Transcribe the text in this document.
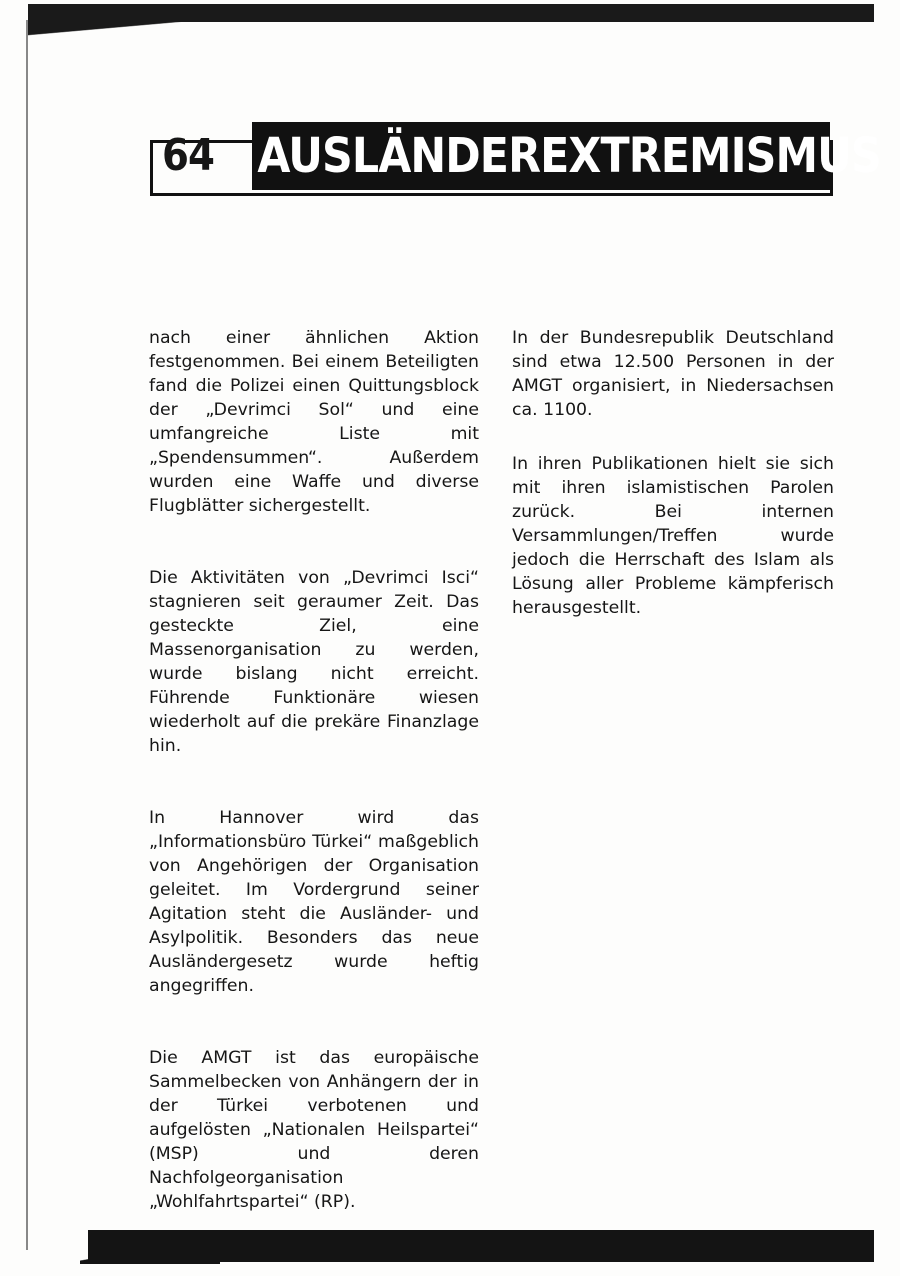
64 AUSLÄNDEREXTREMISMUS

nach einer ähnlichen Aktion festgenommen. Bei einem Beteiligten fand die Polizei einen Quittungsblock der „Devrimci Sol“ und eine umfangreiche Liste mit „Spendensummen“. Außerdem wurden eine Waffe und diverse Flugblätter sichergestellt.

Die Aktivitäten von „Devrimci Isci“ stagnieren seit geraumer Zeit. Das gesteckte Ziel, eine Massenorganisation zu werden, wurde bislang nicht erreicht. Führende Funktionäre wiesen wiederholt auf die prekäre Finanzlage hin.

In Hannover wird das „Informationsbüro Türkei“ maßgeblich von Angehörigen der Organisation geleitet. Im Vordergrund seiner Agitation steht die Ausländer- und Asylpolitik. Besonders das neue Ausländergesetz wurde heftig angegriffen.

Die AMGT ist das europäische Sammelbecken von Anhängern der in der Türkei verbotenen und aufgelösten „Nationalen Heilspartei“ (MSP) und deren Nachfolgeorganisation „Wohlfahrtspartei“ (RP).

In der Bundesrepublik Deutschland sind etwa 12.500 Personen in der AMGT organisiert, in Niedersachsen ca. 1100.

In ihren Publikationen hielt sie sich mit ihren islamistischen Parolen zurück. Bei internen Versammlungen/Treffen wurde jedoch die Herrschaft des Islam als Lösung aller Probleme kämpferisch herausgestellt.
